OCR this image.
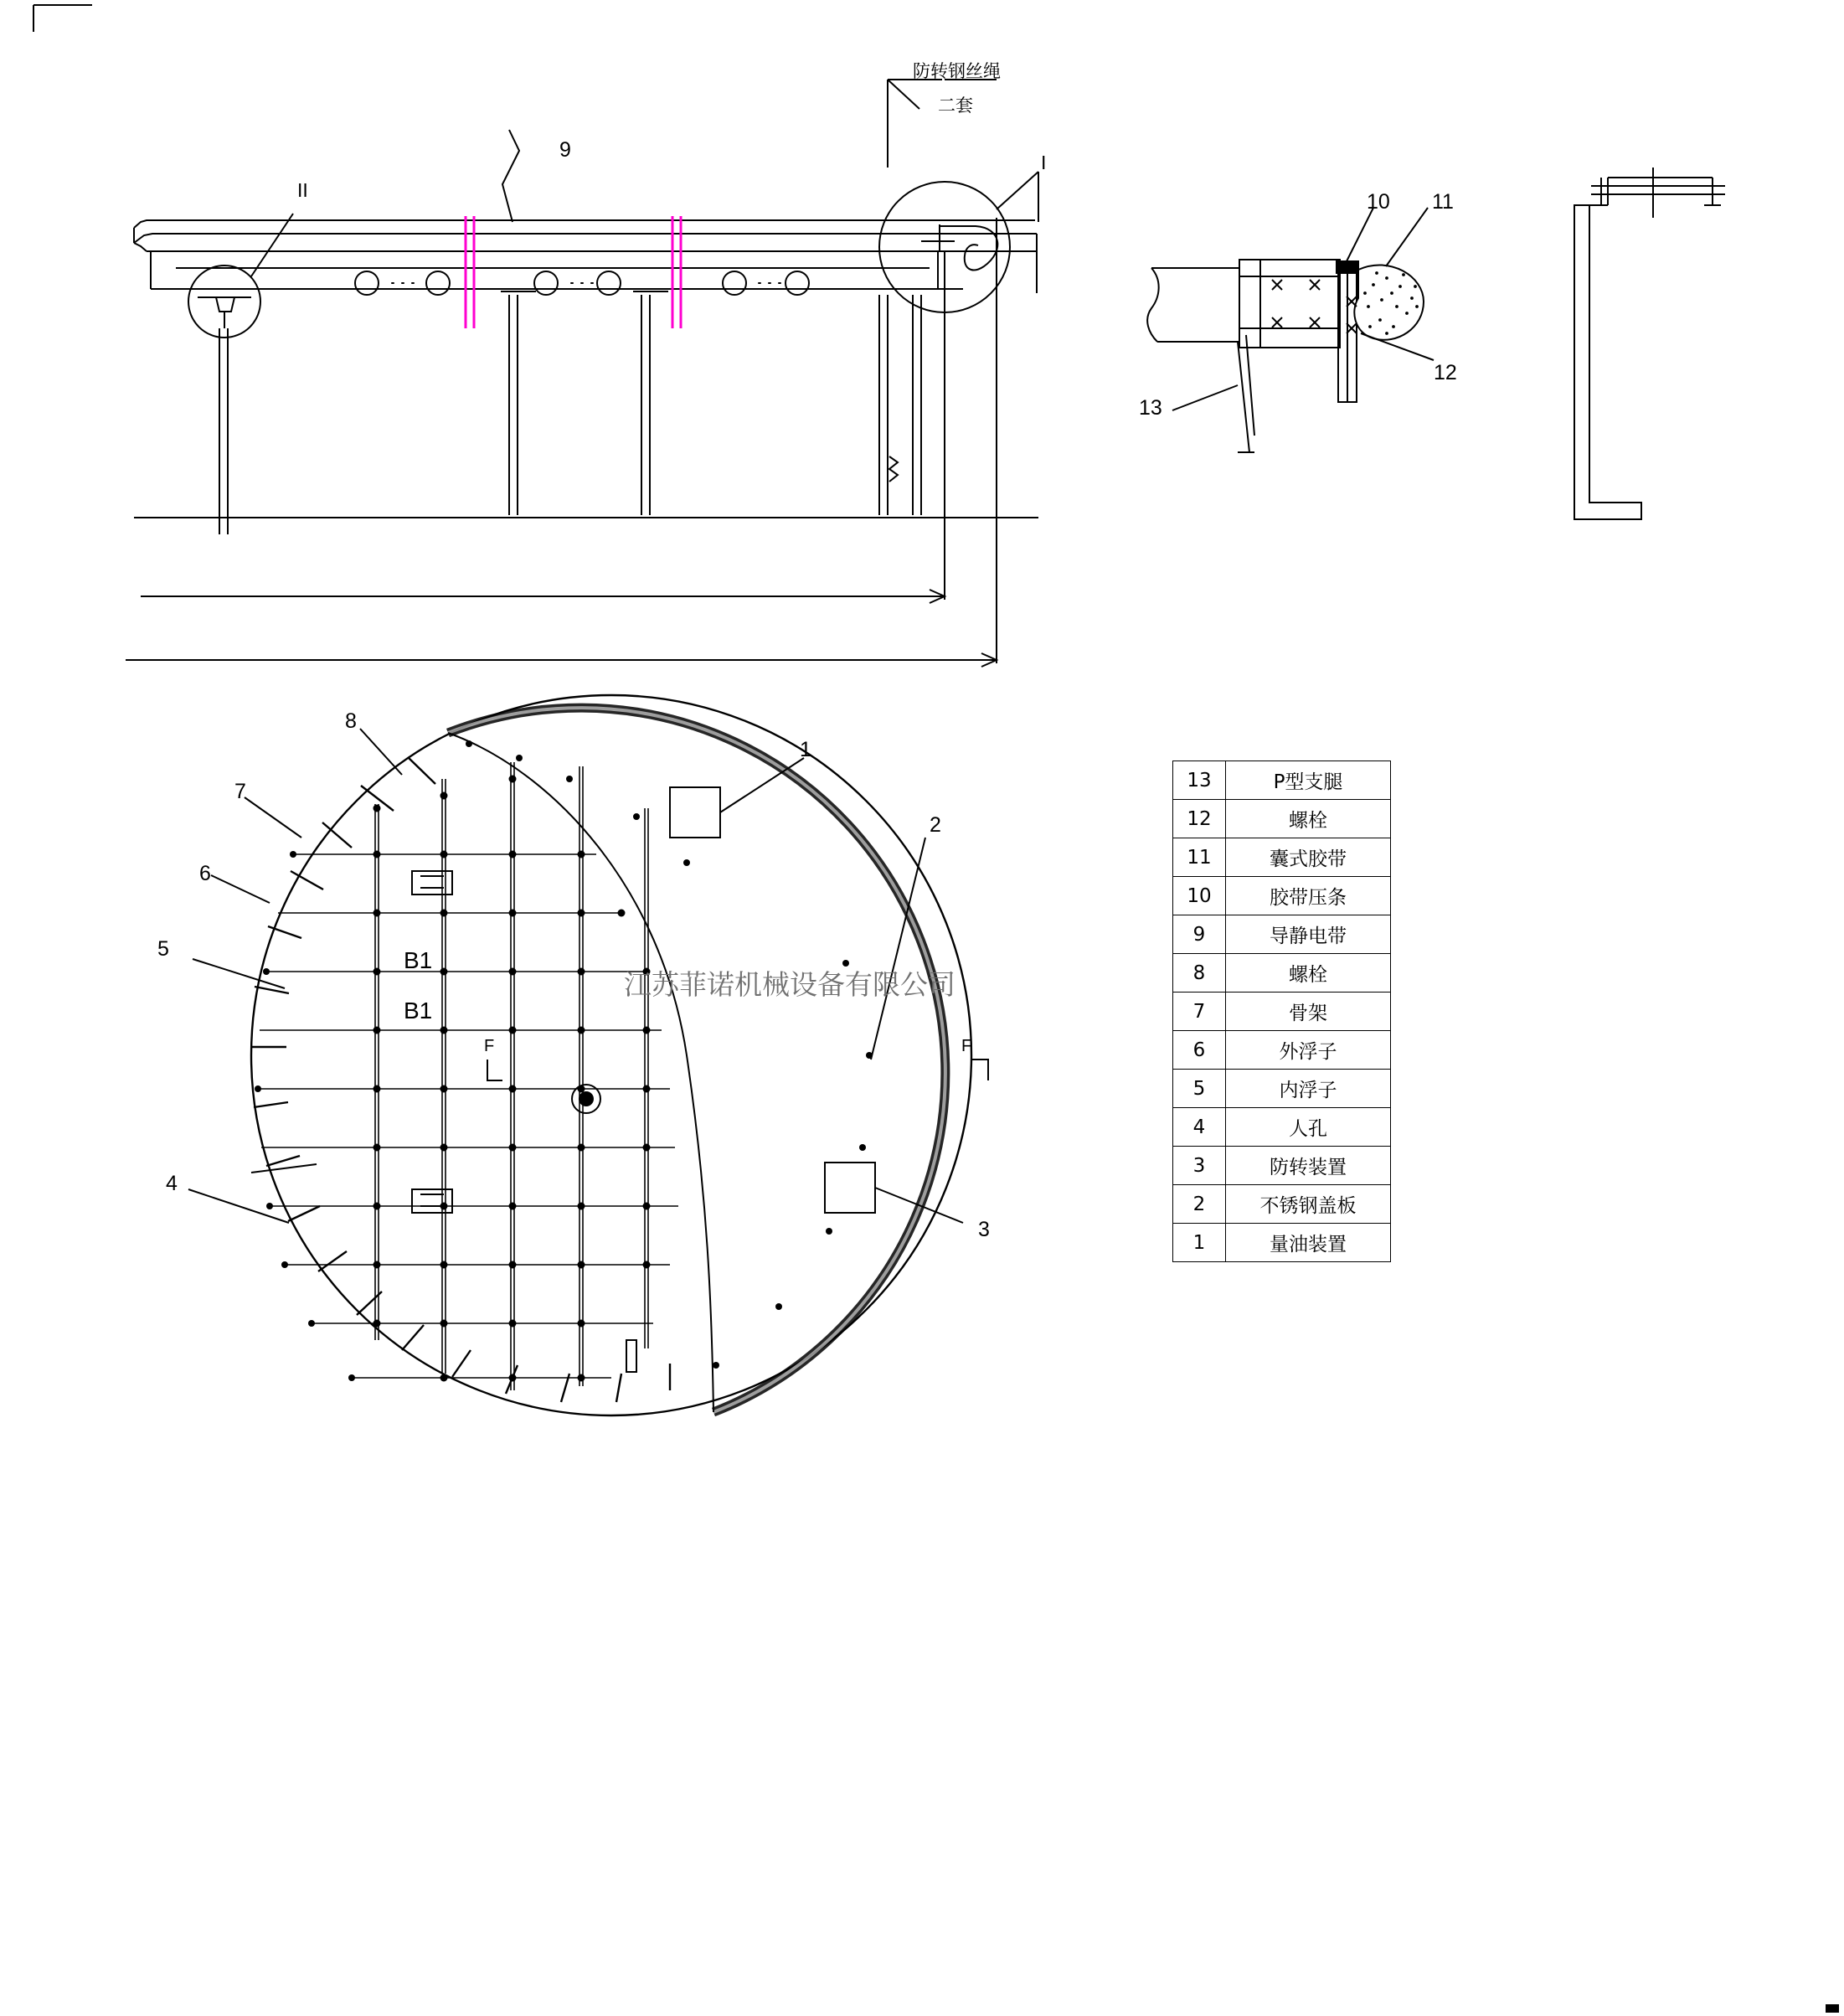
防转钢丝绳
二套
I
II
9
10 11
12
13
1
2
3
4
5
6
7
8
B1
B1
F	F
江苏菲诺机械设备有限公司
13	P型支腿
12	螺栓
11	囊式胶带
10	胶带压条
9	导静电带
8	螺栓
7	骨架
6	外浮子
5	内浮子
4	人孔
3	防转装置
2	不锈钢盖板
1	量油装置
